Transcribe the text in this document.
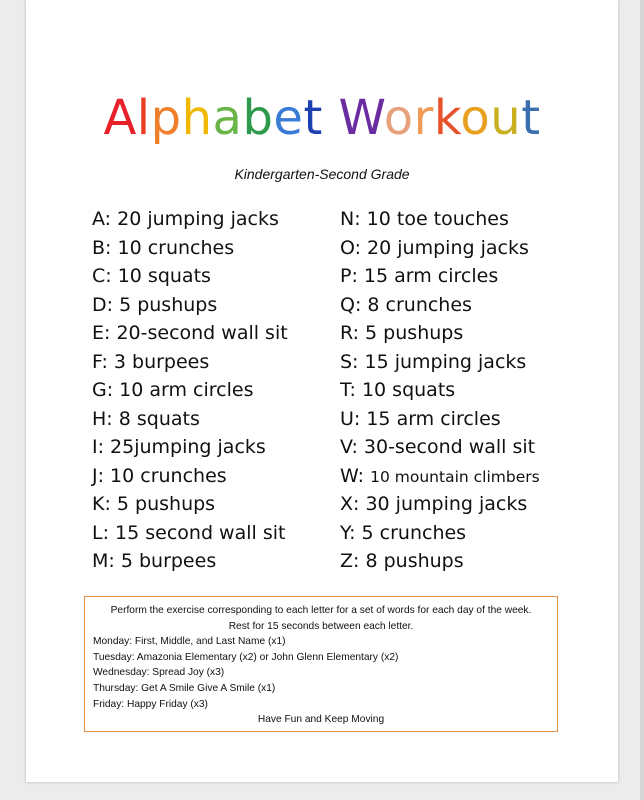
Alphabet Workout
Kindergarten-Second Grade
A: 20 jumping jacks
B: 10 crunches
C: 10 squats
D: 5 pushups
E: 20-second wall sit
F: 3 burpees
G: 10 arm circles
H: 8 squats
I: 25jumping jacks
J: 10 crunches
K: 5 pushups
L: 15 second wall sit
M: 5 burpees
N: 10 toe touches
O: 20 jumping jacks
P: 15 arm circles
Q: 8 crunches
R: 5 pushups
S: 15 jumping jacks
T: 10 squats
U: 15 arm circles
V: 30-second wall sit
W: 10 mountain climbers
X: 30 jumping jacks
Y: 5 crunches
Z: 8 pushups
Perform the exercise corresponding to each letter for a set of words for each day of the week.
Rest for 15 seconds between each letter.
Monday: First, Middle, and Last Name (x1)
Tuesday: Amazonia Elementary (x2) or John Glenn Elementary (x2)
Wednesday: Spread Joy (x3)
Thursday: Get A Smile Give A Smile (x1)
Friday: Happy Friday (x3)
Have Fun and Keep Moving
